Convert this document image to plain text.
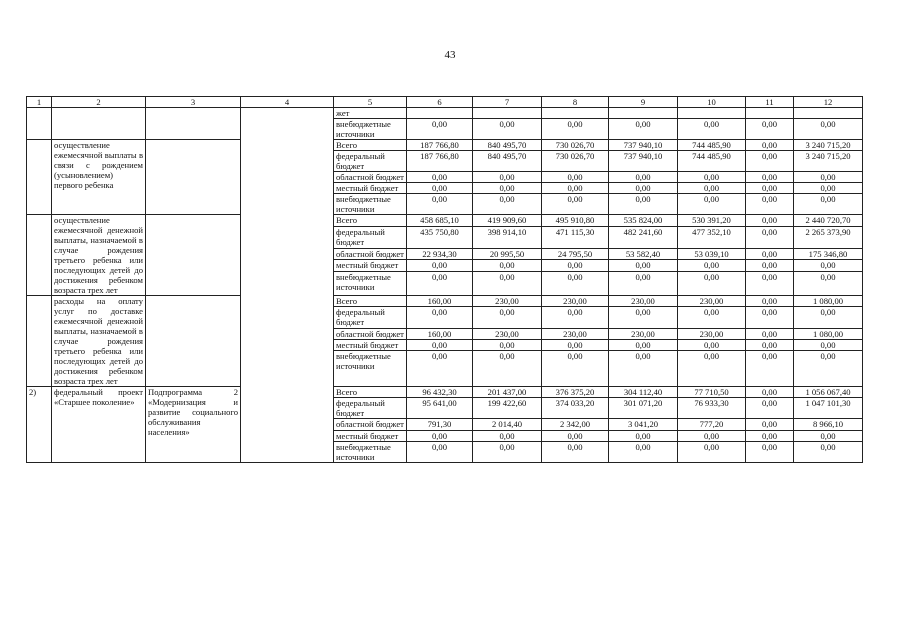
43
1	2	3	4	5	6	7	8	9	10	11	12
				жет							
				внебюджетные источники	0,00	0,00	0,00	0,00	0,00	0,00	0,00
	осуществление ежемесячной выплаты в связи с рождением (усыновлением) первого ребенка			Всего	187 766,80	840 495,70	730 026,70	737 940,10	744 485,90	0,00	3 240 715,20
				федеральный бюджет	187 766,80	840 495,70	730 026,70	737 940,10	744 485,90	0,00	3 240 715,20
				областной бюджет	0,00	0,00	0,00	0,00	0,00	0,00	0,00
				местный бюджет	0,00	0,00	0,00	0,00	0,00	0,00	0,00
				внебюджетные источники	0,00	0,00	0,00	0,00	0,00	0,00	0,00
	осуществление ежемесячной денежной выплаты, назначаемой в случае рождения третьего ребенка или последующих детей до достижения ребенком возраста трех лет			Всего	458 685,10	419 909,60	495 910,80	535 824,00	530 391,20	0,00	2 440 720,70
				федеральный бюджет	435 750,80	398 914,10	471 115,30	482 241,60	477 352,10	0,00	2 265 373,90
				областной бюджет	22 934,30	20 995,50	24 795,50	53 582,40	53 039,10	0,00	175 346,80
				местный бюджет	0,00	0,00	0,00	0,00	0,00	0,00	0,00
				внебюджетные источники	0,00	0,00	0,00	0,00	0,00	0,00	0,00
	расходы на оплату услуг по доставке ежемесячной денежной выплаты, назначаемой в случае рождения третьего ребенка или последующих детей до достижения ребенком возраста трех лет			Всего	160,00	230,00	230,00	230,00	230,00	0,00	1 080,00
				федеральный бюджет	0,00	0,00	0,00	0,00	0,00	0,00	0,00
				областной бюджет	160,00	230,00	230,00	230,00	230,00	0,00	1 080,00
				местный бюджет	0,00	0,00	0,00	0,00	0,00	0,00	0,00
				внебюджетные источники	0,00	0,00	0,00	0,00	0,00	0,00	0,00
2)	федеральный проект «Старшее поколение»	Подпрограмма 2 «Модернизация и развитие социального обслуживания населения»		Всего	96 432,30	201 437,00	376 375,20	304 112,40	77 710,50	0,00	1 056 067,40
				федеральный бюджет	95 641,00	199 422,60	374 033,20	301 071,20	76 933,30	0,00	1 047 101,30
				областной бюджет	791,30	2 014,40	2 342,00	3 041,20	777,20	0,00	8 966,10
				местный бюджет	0,00	0,00	0,00	0,00	0,00	0,00	0,00
				внебюджетные источники	0,00	0,00	0,00	0,00	0,00	0,00	0,00
